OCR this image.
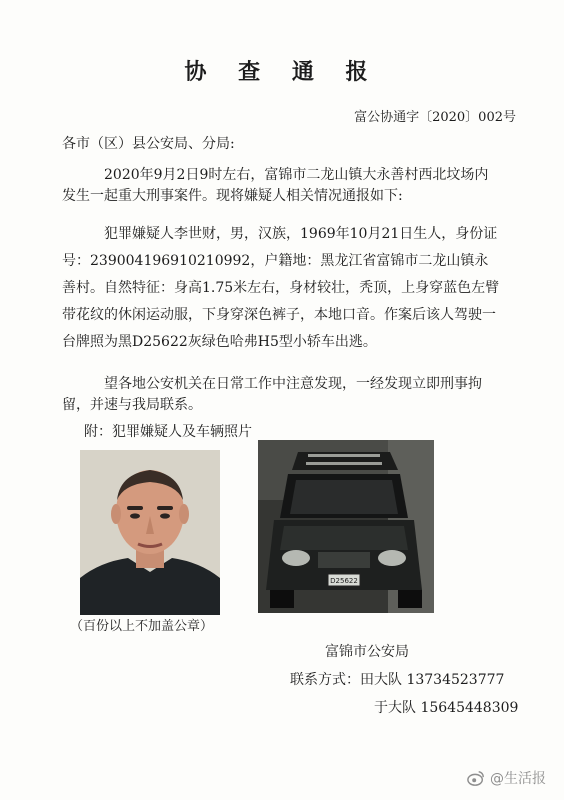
协 查 通 报
富公协通字〔2020〕002号
各市（区）县公安局、分局:
2020年9月2日9时左右，富锦市二龙山镇大永善村西北坟场内发生一起重大刑事案件。现将嫌疑人相关情况通报如下:
犯罪嫌疑人李世财，男，汉族，1969年10月21日生人，身份证号：239004196910210992，户籍地：黑龙江省富锦市二龙山镇永善村。自然特征：身高1.75米左右，身材较壮，秃顶，上身穿蓝色左臂带花纹的休闲运动服，下身穿深色裤子，本地口音。作案后该人驾驶一台牌照为黑D25622灰绿色哈弗H5型小轿车出逃。
望各地公安机关在日常工作中注意发现，一经发现立即刑事拘留，并速与我局联系。
附：犯罪嫌疑人及车辆照片
（百份以上不加盖公章）
D25622
富锦市公安局
联系方式：田大队 13734523777
于大队 15645448309
@生活报
